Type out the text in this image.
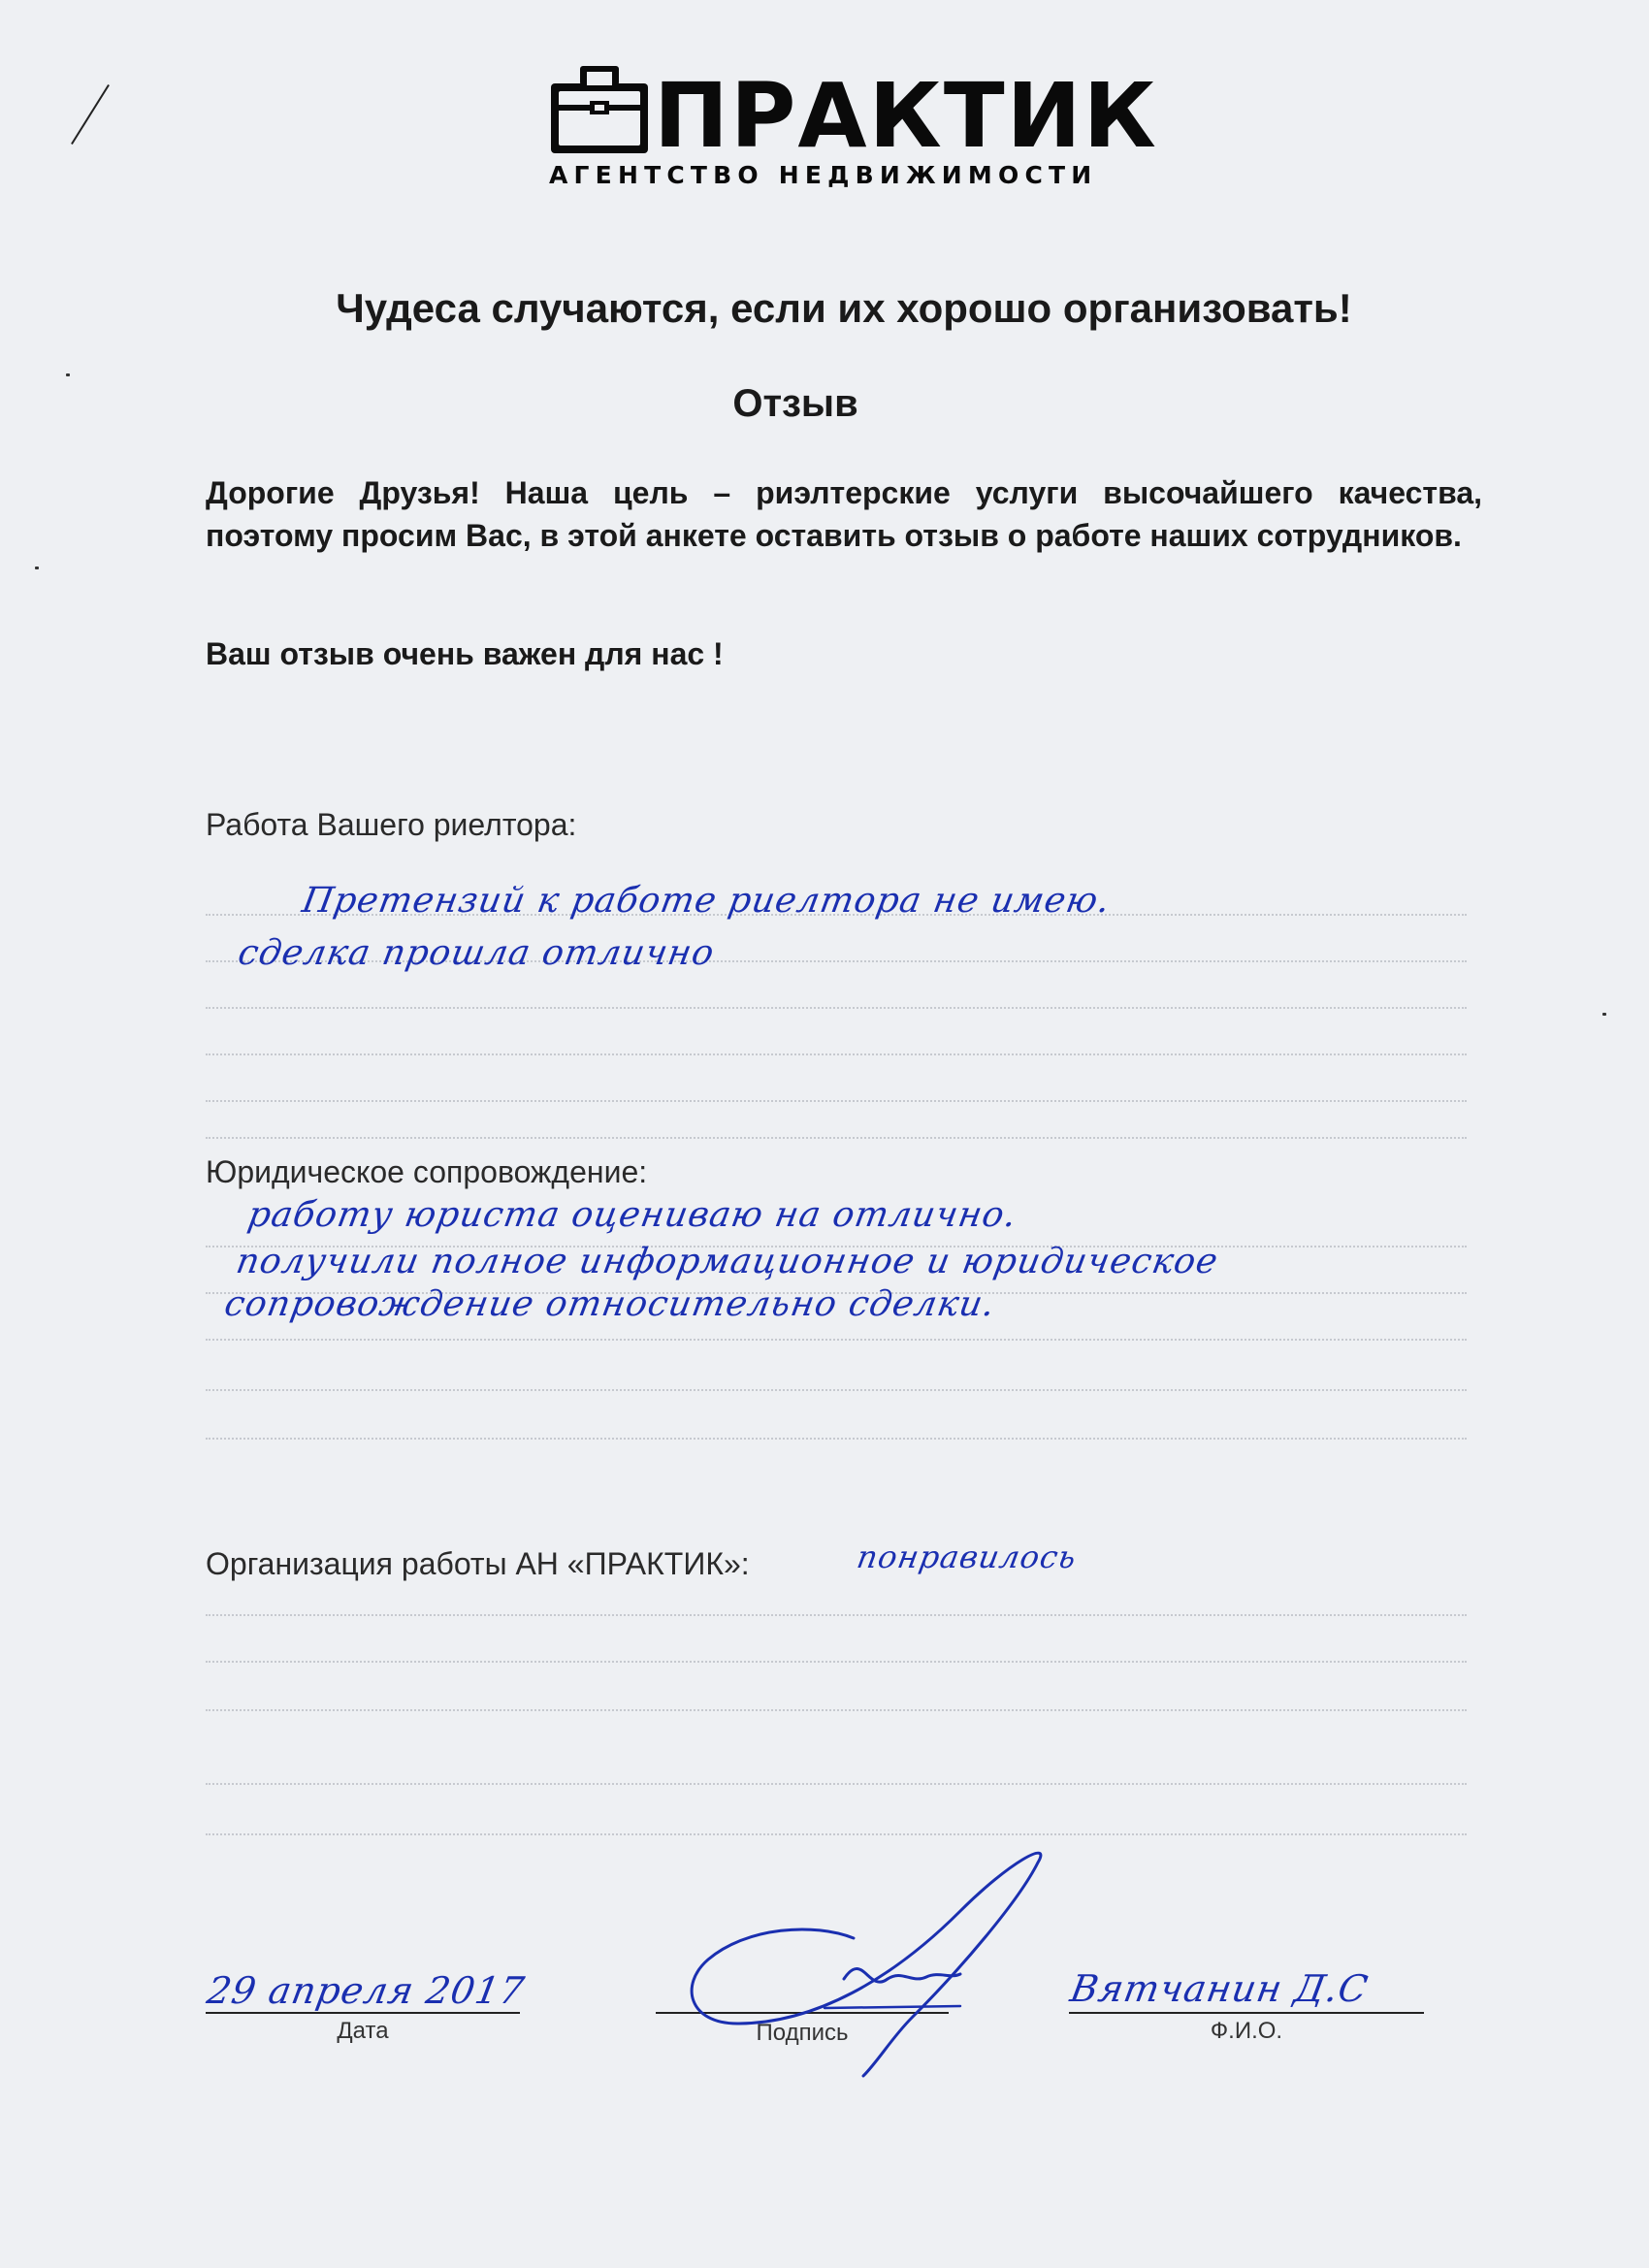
ПРАКТИК
АГЕНТСТВО НЕДВИЖИМОСТИ
Чудеса случаются, если их хорошо организовать!
Отзыв
Дорогие Друзья! Наша цель – риэлтерские услуги высочайшего качества, поэтому просим Вас, в этой анкете оставить отзыв о работе наших сотрудников.
Ваш отзыв очень важен для нас !
Работа Вашего риелтора:
Претензий к работе риелтора не имею.
сделка прошла отлично
Юридическое сопровождение:
работу юриста оцениваю на отлично.
получили полное информационное и юридическое
сопровождение относительно сделки.
Организация работы АН «ПРАКТИК»:	понравилось
29 апреля 2017
Дата	Подпись
Вятчанин Д.С
Ф.И.О.
